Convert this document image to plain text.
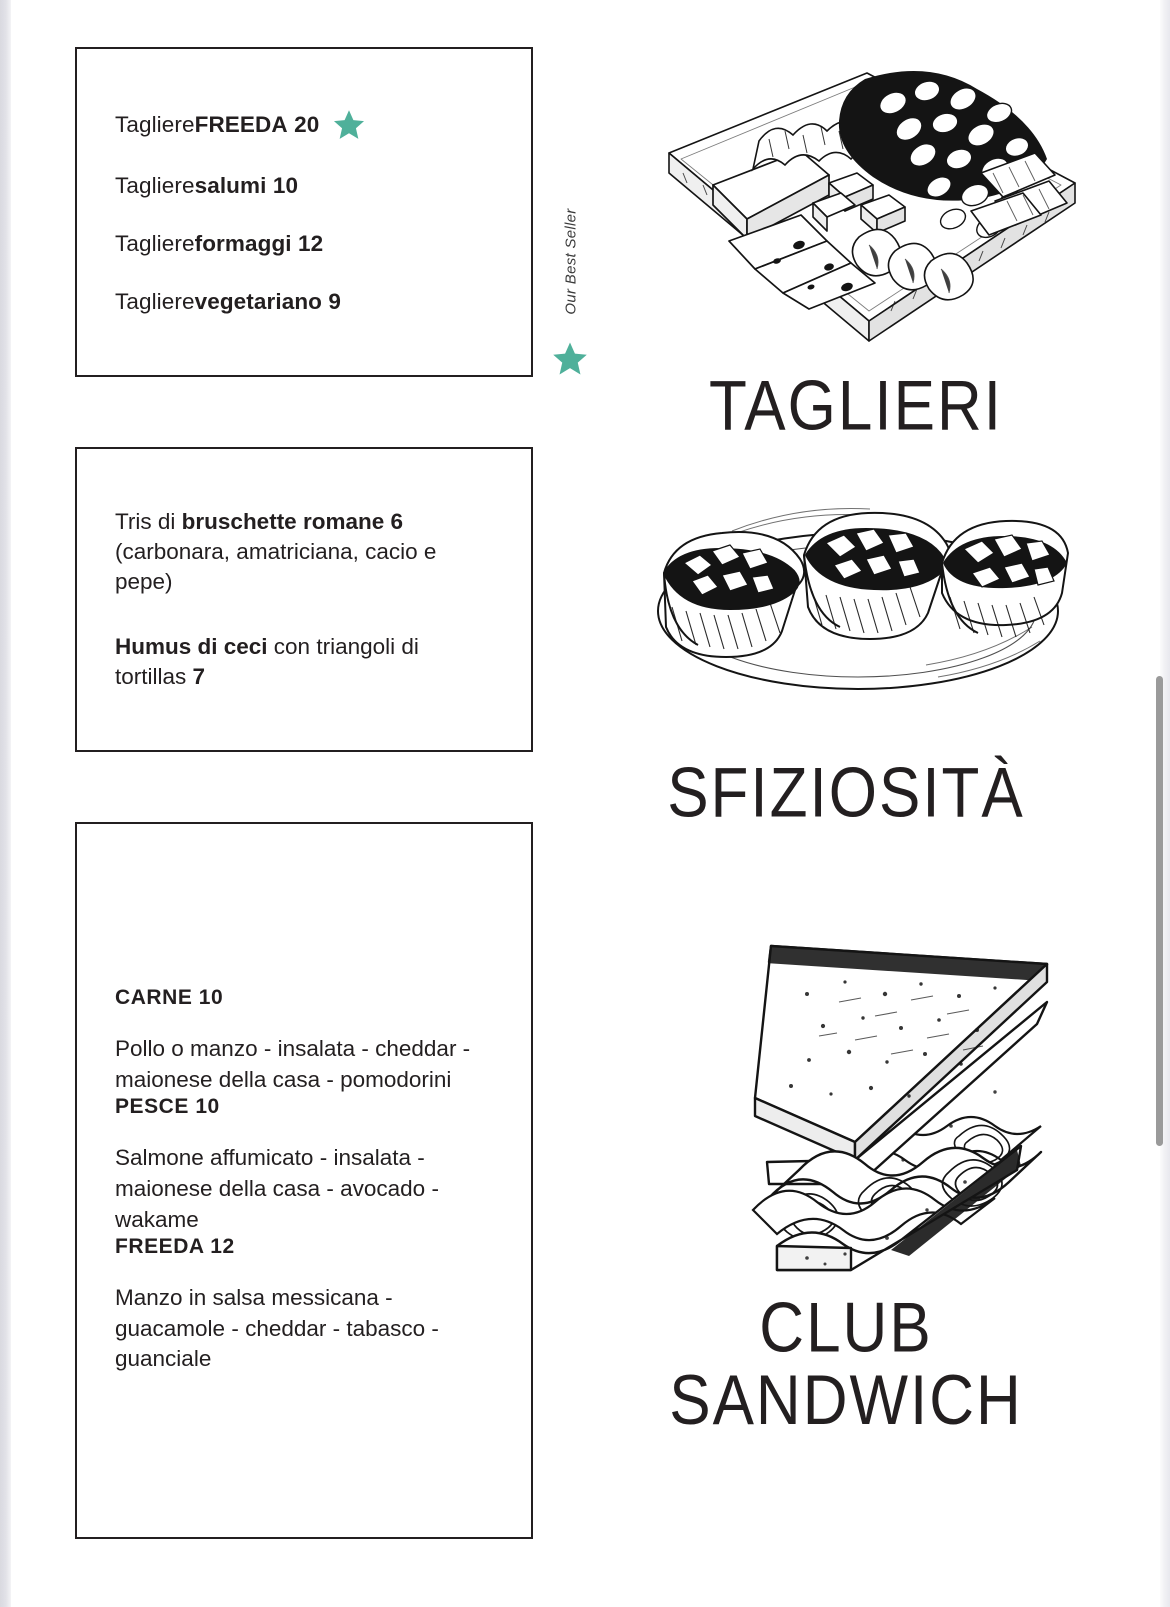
Tagliere FREEDA
20
Tagliere salumi
10
Tagliere formaggi
12
Tagliere vegetariano
9	Our Best Seller

Tris di bruschette romane 6 (carbonara, amatriciana, cacio e pepe)

Humus di ceci con triangoli di tortillas 7

CARNE 10

Pollo o manzo - insalata - cheddar - maionese della casa - pomodorini

PESCE 10

Salmone affumicato - insalata - maionese della casa - avocado - wakame

FREEDA 12

Manzo in salsa messicana - guacamole - cheddar - tabasco - guanciale

TAGLIERI
SFIZIOSITÀ
CLUB
SANDWICH
